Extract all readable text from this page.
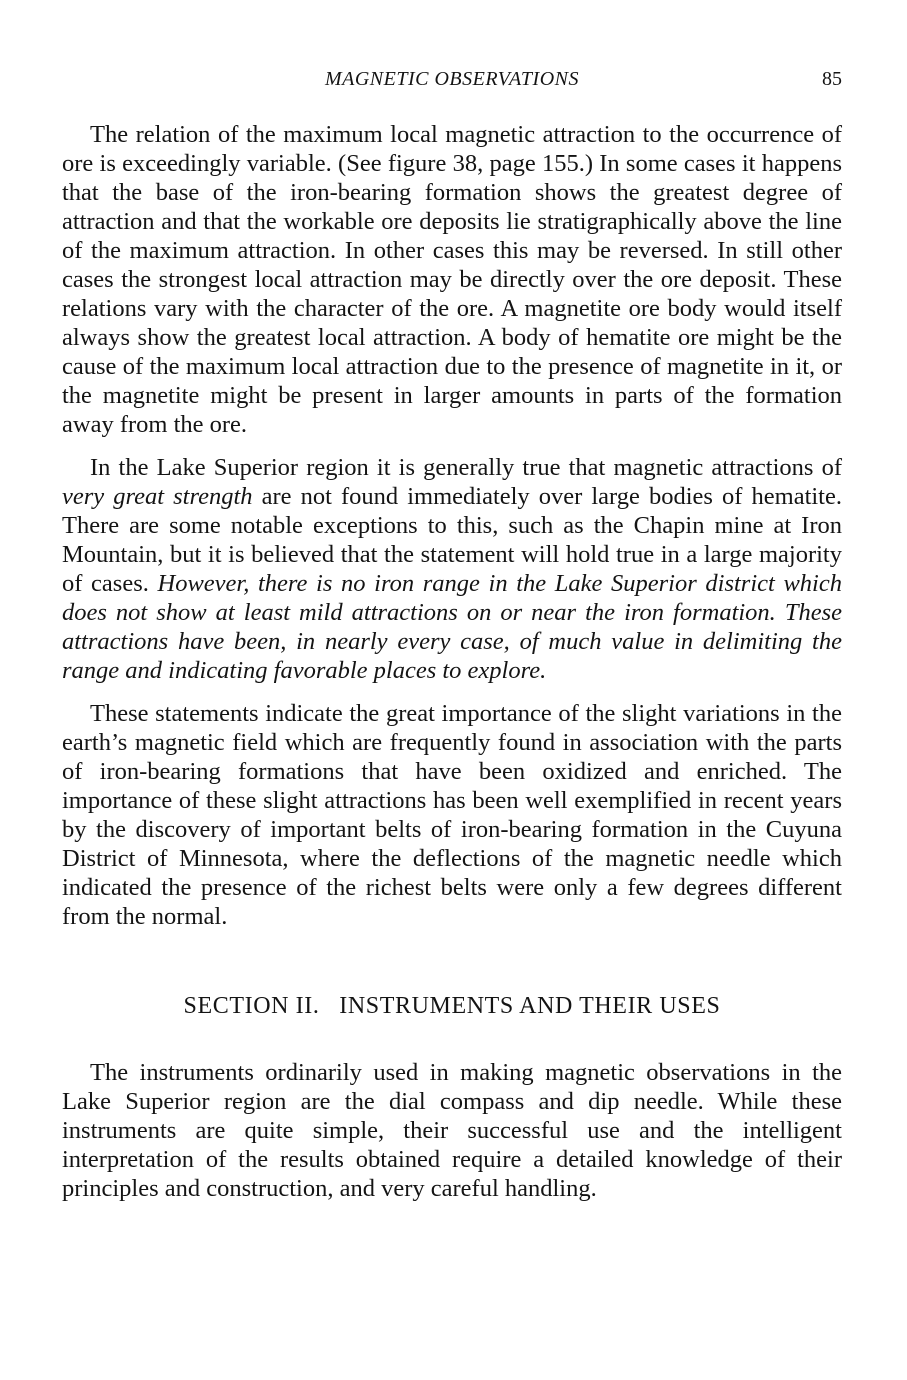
MAGNETIC OBSERVATIONS	85

The relation of the maximum local magnetic attraction to the occurrence of ore is exceedingly variable. (See figure 38, page 155.) In some cases it happens that the base of the iron-bearing formation shows the greatest degree of attraction and that the workable ore deposits lie stratigraphically above the line of the maximum attraction. In other cases this may be reversed. In still other cases the strongest local attraction may be directly over the ore deposit. These relations vary with the character of the ore. A magnetite ore body would itself always show the greatest local attraction. A body of hematite ore might be the cause of the maximum local attraction due to the presence of magnetite in it, or the magnetite might be present in larger amounts in parts of the formation away from the ore.

In the Lake Superior region it is generally true that magnetic attractions of very great strength are not found immediately over large bodies of hematite. There are some notable exceptions to this, such as the Chapin mine at Iron Mountain, but it is believed that the statement will hold true in a large majority of cases. However, there is no iron range in the Lake Superior district which does not show at least mild attractions on or near the iron formation. These attractions have been, in nearly every case, of much value in delimiting the range and indicating favorable places to explore.

These statements indicate the great importance of the slight variations in the earth’s magnetic field which are frequently found in association with the parts of iron-bearing formations that have been oxidized and enriched. The importance of these slight attractions has been well exemplified in recent years by the discovery of important belts of iron-bearing formation in the Cuyuna District of Minnesota, where the deflections of the magnetic needle which indicated the presence of the richest belts were only a few degrees different from the normal.

SECTION II.   INSTRUMENTS AND THEIR USES

The instruments ordinarily used in making magnetic observations in the Lake Superior region are the dial compass and dip needle. While these instruments are quite simple, their successful use and the intelligent interpretation of the results obtained require a detailed knowledge of their principles and construction, and very careful handling.
